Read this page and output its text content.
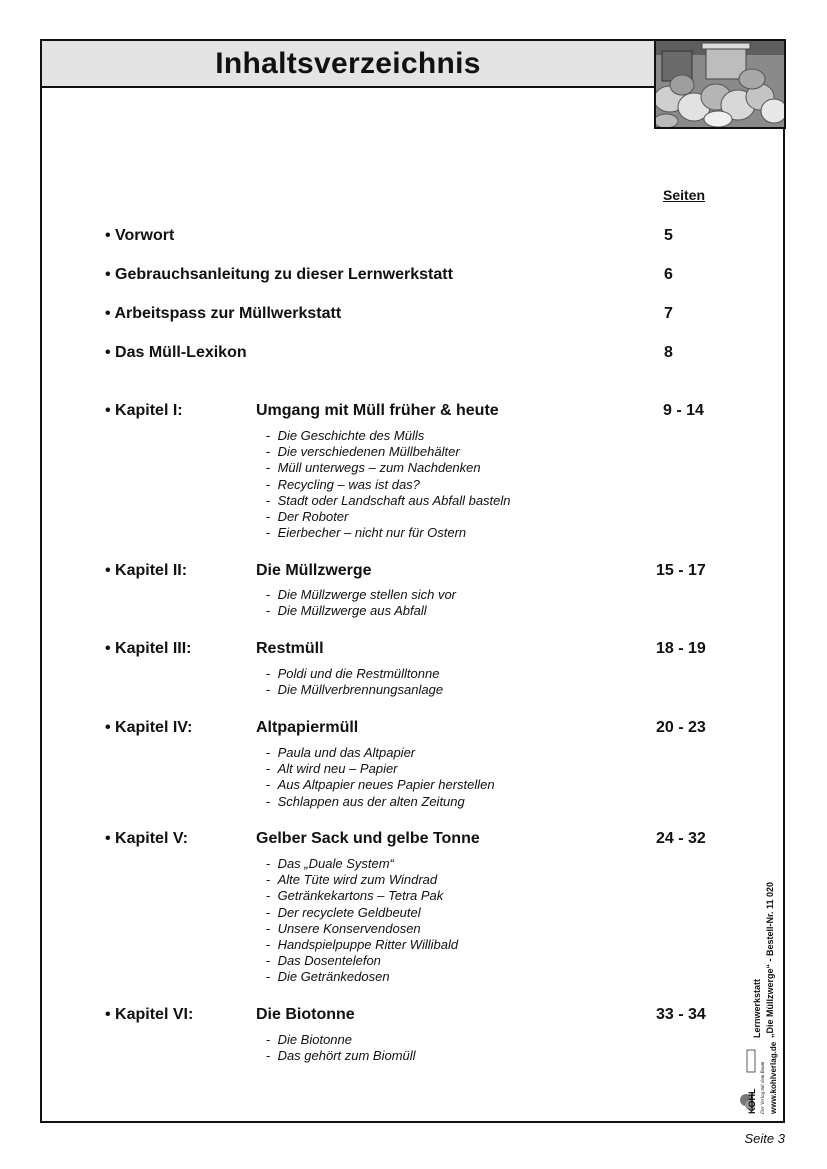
Inhaltsverzeichnis
Seiten
• Vorwort	5
• Gebrauchsanleitung zu dieser Lernwerkstatt	6
• Arbeitspass zur Müllwerkstatt	7
• Das Müll-Lexikon	8
• Kapitel I:	Umgang mit Müll früher & heute	9 - 14
- Die Geschichte des Mülls
- Die verschiedenen Müllbehälter
- Müll unterwegs – zum Nachdenken
- Recycling – was ist das?
- Stadt oder Landschaft aus Abfall basteln
- Der Roboter
- Eierbecher – nicht nur für Ostern
• Kapitel II:	Die Müllzwerge	15 - 17
- Die Müllzwerge stellen sich vor
- Die Müllzwerge aus Abfall
• Kapitel III:	Restmüll	18 - 19
- Poldi und die Restmülltonne
- Die Müllverbrennungsanlage
• Kapitel IV:	Altpapiermüll	20 - 23
- Paula und das Altpapier
- Alt wird neu – Papier
- Aus Altpapier neues Papier herstellen
- Schlappen aus der alten Zeitung
• Kapitel V:	Gelber Sack und gelbe Tonne	24 - 32
- Das „Duale System“
- Alte Tüte wird zum Windrad
- Getränkekartons – Tetra Pak
- Der recyclete Geldbeutel
- Unsere Konservendosen
- Handspielpuppe Ritter Willibald
- Das Dosentelefon
- Die Getränkedosen
• Kapitel VI:	Die Biotonne	33 - 34
- Die Biotonne
- Das gehört zum Biomüll
KOHL Der Verlag mit dem Baum www.kohlverlag.de
Lernwerkstatt „Die Müllzwerge“ - Bestell-Nr. 11 020
Seite 3
